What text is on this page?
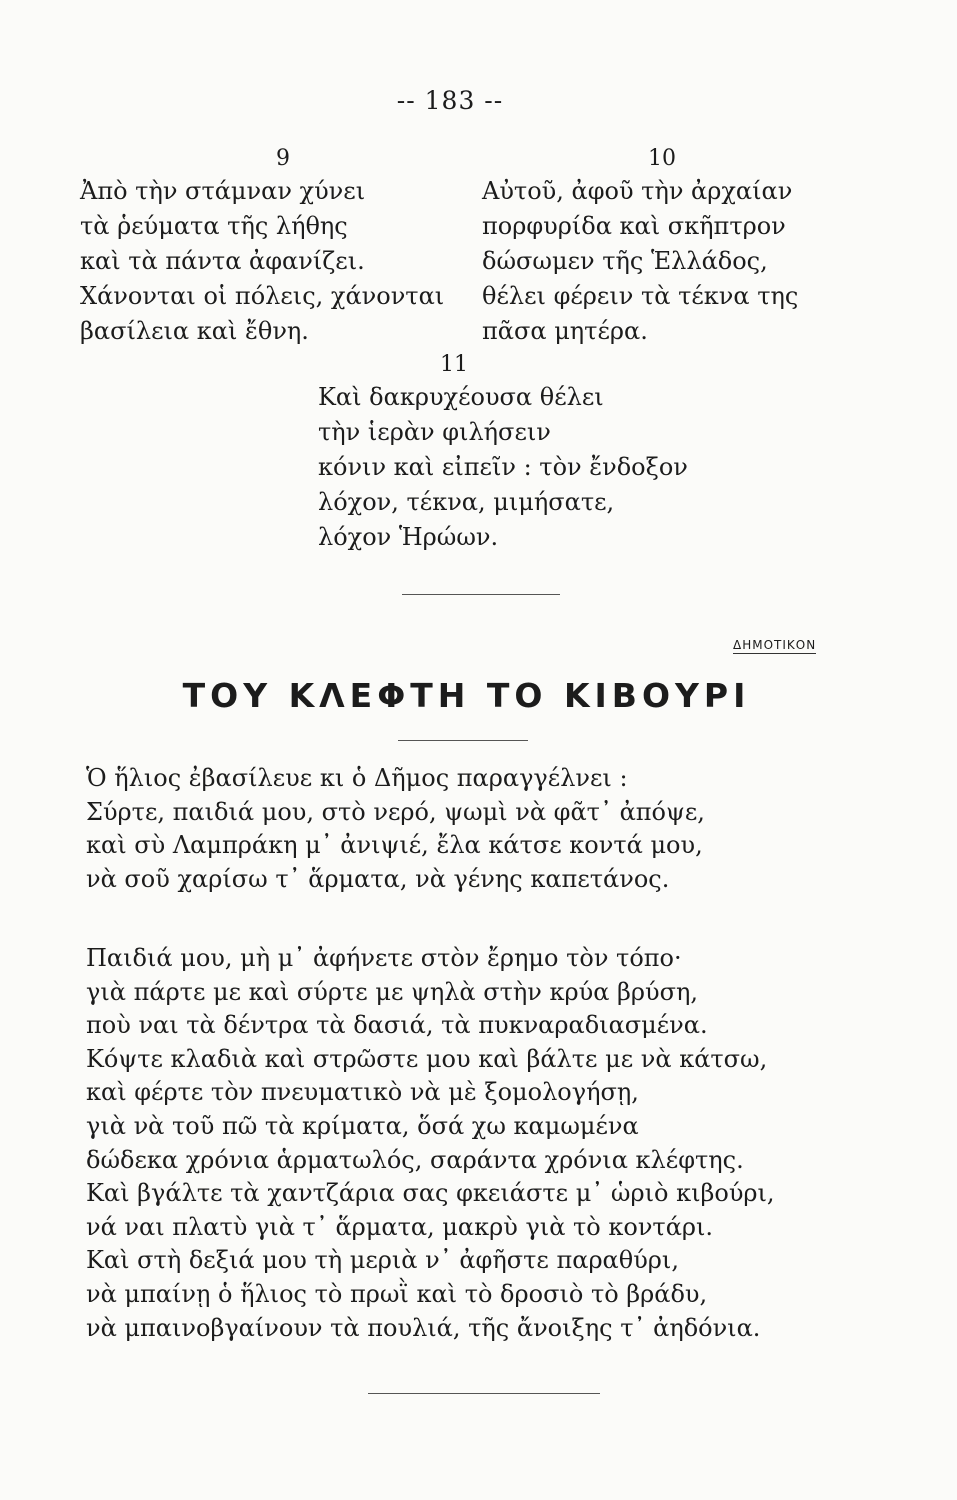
-- 183 --
9	10
Ἀπὸ τὴν στάμναν χύνει
τὰ ῥεύματα τῆς λήθης
καὶ τὰ πάντα ἀφανίζει.
Χάνονται οἱ πόλεις, χάνονται
βασίλεια καὶ ἔθνη.
Αὐτοῦ, ἀφοῦ τὴν ἀρχαίαν
πορφυρίδα καὶ σκῆπτρον
δώσωμεν τῆς Ἑλλάδος,
θέλει φέρειν τὰ τέκνα της
πᾶσα μητέρα.
11
Καὶ δακρυχέουσα θέλει
τὴν ἱερὰν φιλήσειν
κόνιν καὶ εἰπεῖν : τὸν ἔνδοξον
λόχον, τέκνα, μιμήσατε,
λόχον Ἡρώων.
ΔΗΜΟΤΙΚΟΝ
ΤΟΥ ΚΛΕΦΤΗ ΤΟ ΚΙΒΟΥΡΙ
Ὁ ἥλιος ἐβασίλευε κι ὁ Δῆμος παραγγέλνει :
Σύρτε, παιδιά μου, στὸ νερό, ψωμὶ νὰ φᾶτ᾽ ἀπόψε,
καὶ σὺ Λαμπράκη μ᾽ ἀνιψιέ, ἔλα κάτσε κοντά μου,
νὰ σοῦ χαρίσω τ᾽ ἅρματα, νὰ γένης καπετάνος.
Παιδιά μου, μὴ μ᾽ ἀφήνετε στὸν ἔρημο τὸν τόπο·
γιὰ πάρτε με καὶ σύρτε με ψηλὰ στὴν κρύα βρύση,
ποὺ ναι τὰ δέντρα τὰ δασιά, τὰ πυκναραδιασμένα.
Κόψτε κλαδιὰ καὶ στρῶστε μου καὶ βάλτε με νὰ κάτσω,
καὶ φέρτε τὸν πνευματικὸ νὰ μὲ ξομολογήσῃ,
γιὰ νὰ τοῦ πῶ τὰ κρίματα, ὅσά χω καμωμένα
δώδεκα χρόνια ἁρματωλός, σαράντα χρόνια κλέφτης.
Καὶ βγάλτε τὰ χαντζάρια σας φκειάστε μ᾽ ὡριὸ κιβούρι,
νά ναι πλατὺ γιὰ τ᾽ ἅρματα, μακρὺ γιὰ τὸ κοντάρι.
Καὶ στὴ δεξιά μου τὴ μεριὰ ν᾽ ἀφῆστε παραθύρι,
νὰ μπαίνῃ ὁ ἥλιος τὸ πρωῒ καὶ τὸ δροσιὸ τὸ βράδυ,
νὰ μπαινοβγαίνουν τὰ πουλιά, τῆς ἄνοιξης τ᾽ ἀηδόνια.
